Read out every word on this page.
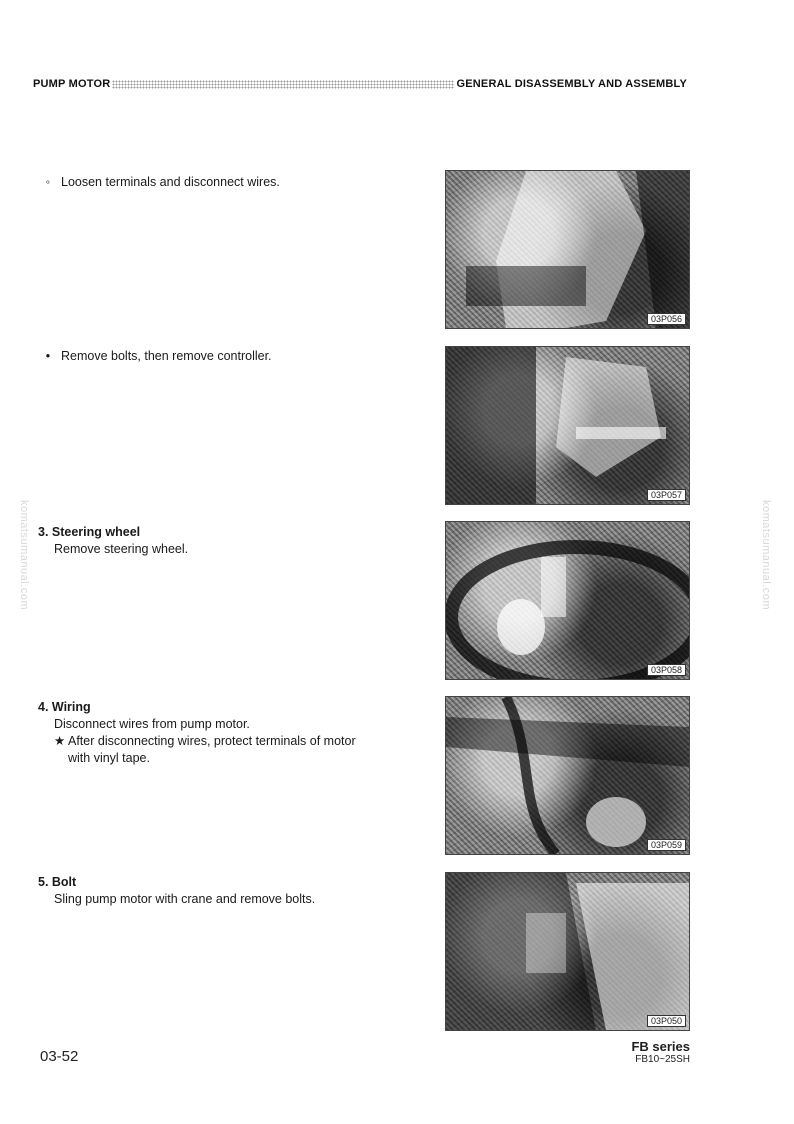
PUMP MOTOR	GENERAL DISASSEMBLY AND ASSEMBLY
◦ Loosen terminals and disconnect wires.
• Remove bolts, then remove controller.
3. Steering wheel
Remove steering wheel.
4. Wiring
Disconnect wires from pump motor.
★ After disconnecting wires, protect terminals of motor
with vinyl tape.
5. Bolt
Sling pump motor with crane and remove bolts.
03P056
03P057
03P058
03P059
03P050
komatsumanual.com	komatsumanual.com
03-52
FB series
FB10~25SH
